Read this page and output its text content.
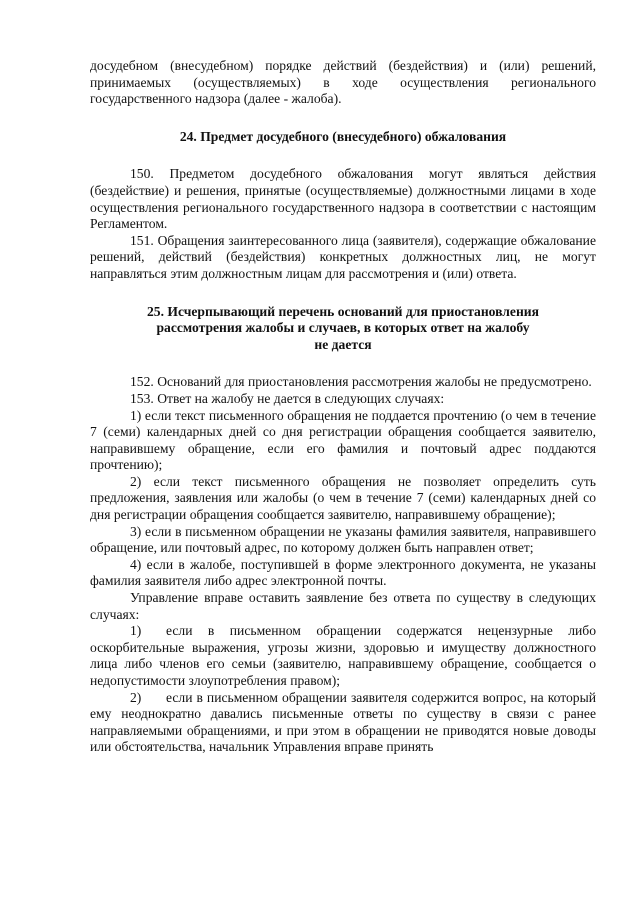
досудебном (внесудебном) порядке действий (бездействия) и (или) решений, принимаемых (осуществляемых) в ходе осуществления регионального государственного надзора (далее - жалоба).

24. Предмет досудебного (внесудебного) обжалования

150. Предметом досудебного обжалования могут являться действия (бездействие) и решения, принятые (осуществляемые) должностными лицами в ходе осуществления регионального государственного надзора в соответствии с настоящим Регламентом.

151. Обращения заинтересованного лица (заявителя), содержащие обжалование решений, действий (бездействия) конкретных должностных лиц, не могут направляться этим должностным лицам для рассмотрения и (или) ответа.

25. Исчерпывающий перечень оснований для приостановления
рассмотрения жалобы и случаев, в которых ответ на жалобу
не дается

152. Оснований для приостановления рассмотрения жалобы не предусмотрено.

153. Ответ на жалобу не дается в следующих случаях:

1) если текст письменного обращения не поддается прочтению (о чем в течение 7 (семи) календарных дней со дня регистрации обращения сообщается заявителю, направившему обращение, если его фамилия и почтовый адрес поддаются прочтению);

2) если текст письменного обращения не позволяет определить суть предложения, заявления или жалобы (о чем в течение 7 (семи) календарных дней со дня регистрации обращения сообщается заявителю, направившему обращение);

3) если в письменном обращении не указаны фамилия заявителя, направившего обращение, или почтовый адрес, по которому должен быть направлен ответ;

4) если в жалобе, поступившей в форме электронного документа, не указаны фамилия заявителя либо адрес электронной почты.

Управление вправе оставить заявление без ответа по существу в следующих случаях:

1) если в письменном обращении содержатся нецензурные либо оскорбительные выражения, угрозы жизни, здоровью и имуществу должностного лица либо членов его семьи (заявителю, направившему обращение, сообщается о недопустимости злоупотребления правом);

2) если в письменном обращении заявителя содержится вопрос, на который ему неоднократно давались письменные ответы по существу в связи с ранее направляемыми обращениями, и при этом в обращении не приводятся новые доводы или обстоятельства, начальник Управления вправе принять
